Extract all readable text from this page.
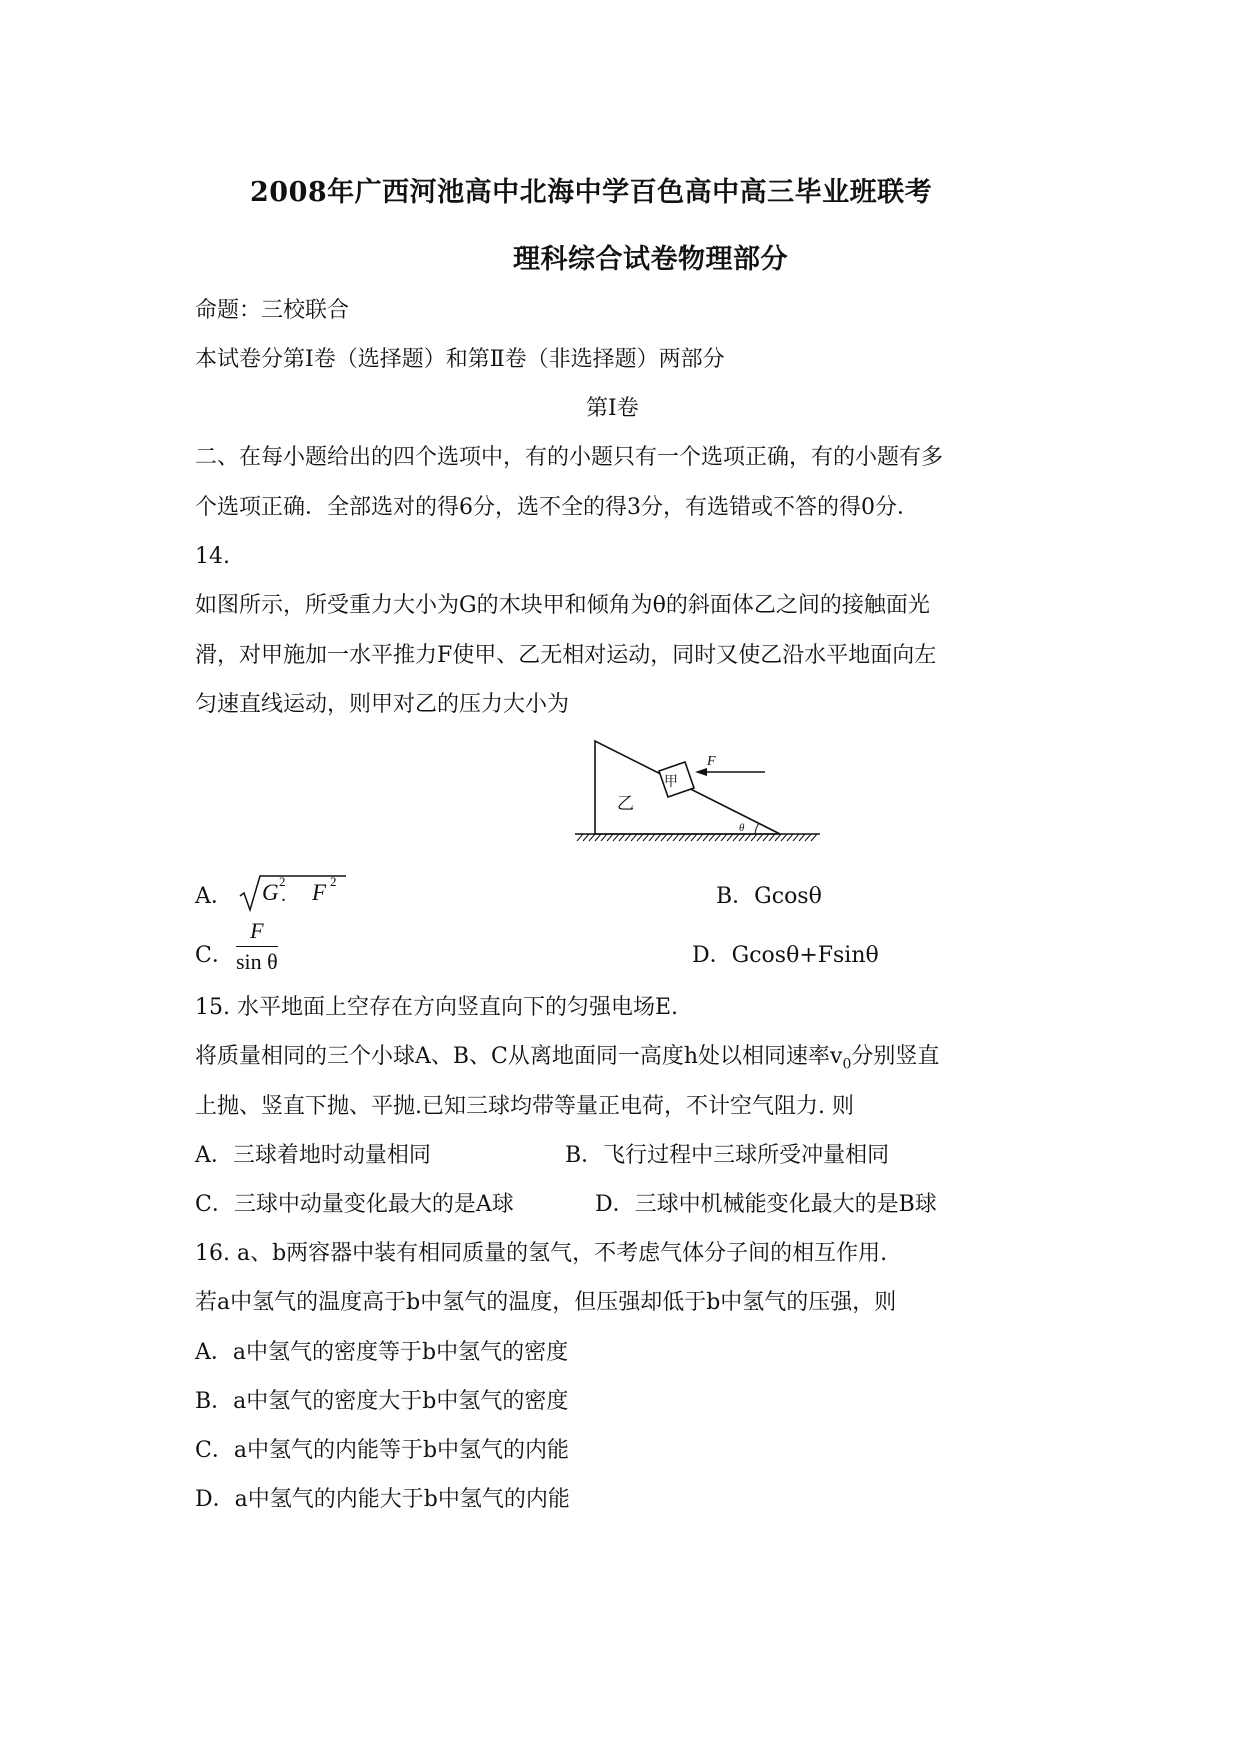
2008年广西河池高中北海中学百色高中高三毕业班联考
理科综合试卷物理部分
命题：三校联合
本试卷分第Ⅰ卷（选择题）和第Ⅱ卷（非选择题）两部分
第Ⅰ卷
二、在每小题给出的四个选项中，有的小题只有一个选项正确，有的小题有多
个选项正确．全部选对的得6分，选不全的得3分，有选错或不答的得0分．
14.
如图所示，所受重力大小为G的木块甲和倾角为θ的斜面体乙之间的接触面光
滑，对甲施加一水平推力F使甲、乙无相对运动，同时又使乙沿水平地面向左
匀速直线运动，则甲对乙的压力大小为
甲
F
乙
θ
A． G 2
. F 2
B．Gcosθ
C． $\frac{F}{\text{sin θ}}$	D．Gcosθ+Fsinθ
15. 水平地面上空存在方向竖直向下的匀强电场E.
将质量相同的三个小球A、B、C从离地面同一高度h处以相同速率$v_0$分别竖直
上抛、竖直下抛、平抛.已知三球均带等量正电荷，不计空气阻力. 则
A．三球着地时动量相同	B．飞行过程中三球所受冲量相同
C．三球中动量变化最大的是A球	D．三球中机械能变化最大的是B球
16. a、b两容器中装有相同质量的氢气，不考虑气体分子间的相互作用.
若a中氢气的温度高于b中氢气的温度，但压强却低于b中氢气的压强，则
A．a中氢气的密度等于b中氢气的密度
B．a中氢气的密度大于b中氢气的密度
C．a中氢气的内能等于b中氢气的内能
D．a中氢气的内能大于b中氢气的内能
